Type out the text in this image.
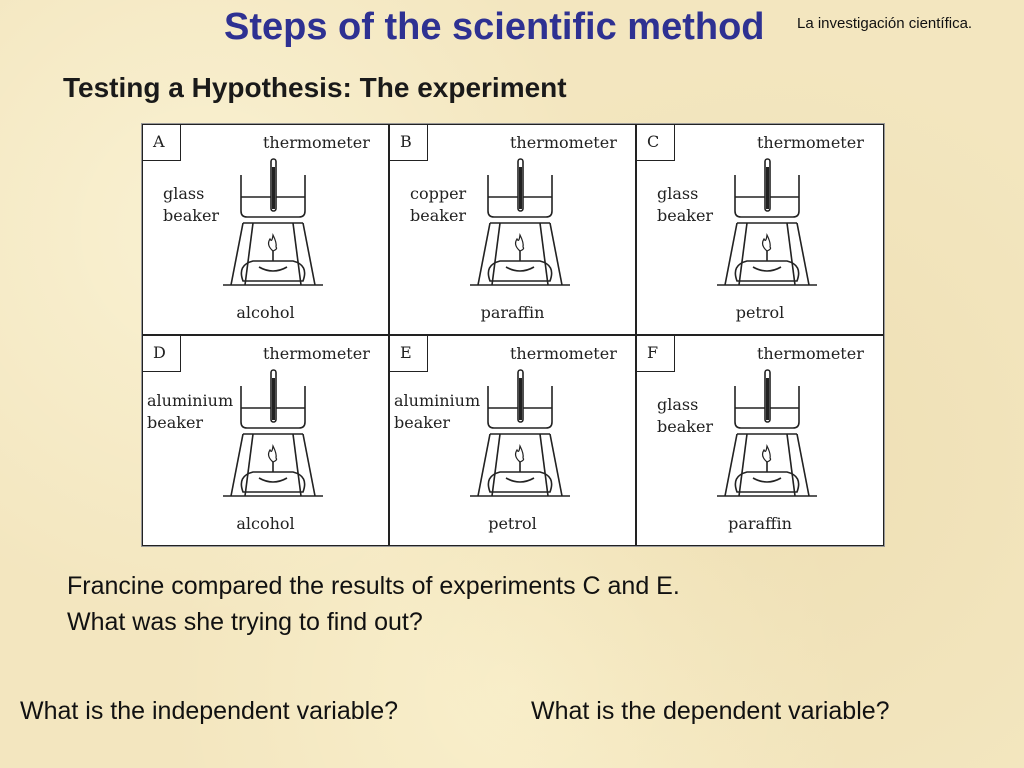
Steps of the scientific method La investigación científica.
Testing a Hypothesis: The experiment
A	thermometer
glass
beaker
alcohol
B	thermometer
copper
beaker
paraffin
C	thermometer
glass
beaker
petrol
D	thermometer
aluminium
beaker
alcohol
E	thermometer
aluminium
beaker
petrol
F	thermometer
glass
beaker
paraffin
Francine compared the results of experiments C and E.
What was she trying to find out?
What is the independent variable?	What is the dependent variable?
